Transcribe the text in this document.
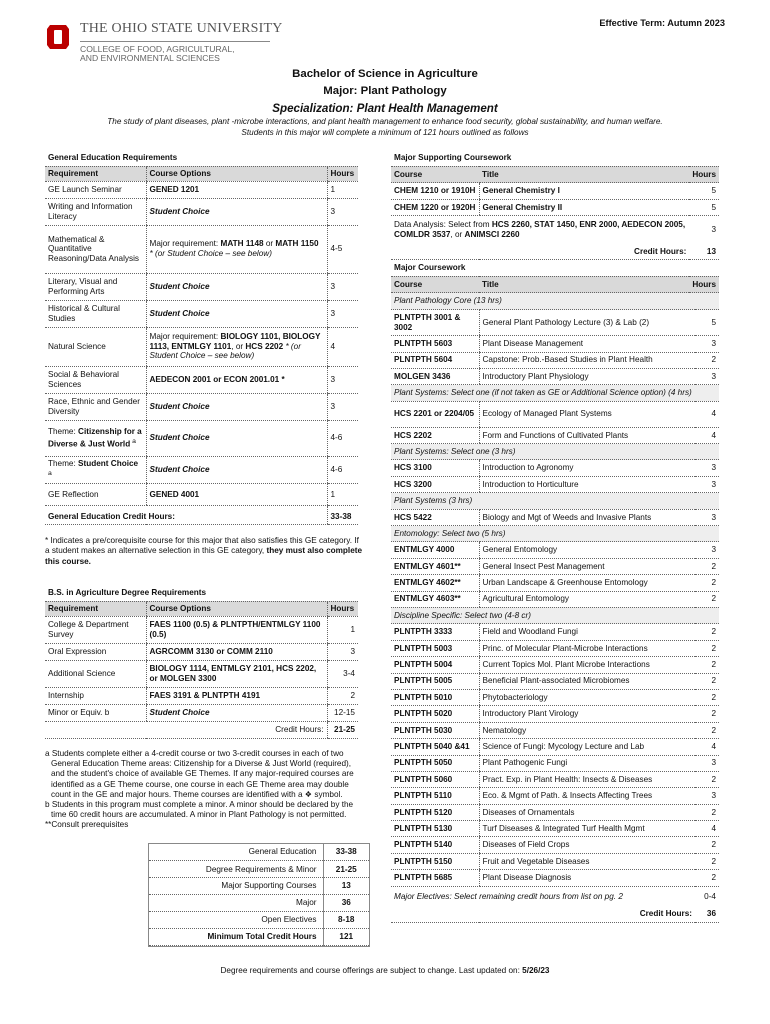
THE OHIO STATE UNIVERSITY
COLLEGE OF FOOD, AGRICULTURAL,
AND ENVIRONMENTAL SCIENCES
Effective Term: Autumn 2023
Bachelor of Science in Agriculture
Major: Plant Pathology
Specialization: Plant Health Management
The study of plant diseases, plant -microbe interactions, and plant health management to enhance food security, global sustainability, and human welfare.
Students in this major will complete a minimum of 121 hours outlined as follows
General Education Requirements		
Requirement	Course Options	Hours
GE Launch Seminar	GENED 1201	1
Writing and Information Literacy	Student Choice	3
Mathematical & Quantitative Reasoning/Data Analysis	Major requirement: MATH 1148 or MATH 1150 * (or Student Choice – see below)	4-5
Literary, Visual and Performing Arts	Student Choice	3
Historical & Cultural Studies	Student Choice	3
Natural Science	Major requirement: BIOLOGY 1101, BIOLOGY 1113, ENTMLGY 1101, or HCS 2202 * (or Student Choice – see below)	4
Social & Behavioral Sciences	AEDECON 2001 or ECON 2001.01 *	3
Race, Ethnic and Gender Diversity	Student Choice	3
Theme: Citizenship for a Diverse & Just World $^a$	Student Choice	4-6
Theme: Student Choice $^a$	Student Choice	4-6
GE Reflection	GENED 4001	1
General Education Credit Hours:		33-38
* Indicates a pre/corequisite course for this major that also satisfies this GE category. If a student makes an alternative selection in this GE category, they must also complete this course.
B.S. in Agriculture Degree Requirements		
Requirement	Course Options	Hours
College & Department Survey	FAES 1100 (0.5) & PLNTPTH/ENTMLGY 1100 (0.5)	1
Oral Expression	AGRCOMM 3130 or COMM 2110	3
Additional Science	BIOLOGY 1114, ENTMLGY 2101, HCS 2202, or MOLGEN 3300	3-4
Internship	FAES 3191 & PLNTPTH 4191	2
Minor or Equiv. b	Student Choice	12-15
Credit Hours:		21-25
a Students complete either a 4-credit course or two 3-credit courses in each of two General Education Theme areas: Citizenship for a Diverse & Just World (required), and the student's choice of available GE Themes. If any major-required courses are identified as a GE Theme course, one course in each GE Theme area may double count in the GE and major hours. Theme courses are identified with a ❖ symbol.
b Students in this program must complete a minor. A minor should be declared by the time 60 credit hours are accumulated. A minor in Plant Pathology is not permitted.
**Consult prerequisites
General Education	33-38
Degree Requirements & Minor	21-25
Major Supporting Courses	13
Major	36
Open Electives	8-18
Minimum Total Credit Hours	121
Major Supporting Coursework		
Course	Title	Hours
CHEM 1210 or 1910H	General Chemistry I	5
CHEM 1220 or 1920H	General Chemistry II	5
Data Analysis: Select from HCS 2260, STAT 1450, ENR 2000, AEDECON 2005, COMLDR 3537, or ANIMSCI 2260		3
Credit Hours:		13
Major Coursework		
Course	Title	Hours
Plant Pathology Core (13 hrs)		
PLNTPTH 3001 & 3002	General Plant Pathology Lecture (3) & Lab (2)	5
PLNTPTH 5603	Plant Disease Management	3
PLNTPTH 5604	Capstone: Prob.-Based Studies in Plant Health	2
MOLGEN 3436	Introductory Plant Physiology	3
Plant Systems: Select one (if not taken as GE or Additional Science option) (4 hrs)		
HCS 2201 or 2204/05	Ecology of Managed Plant Systems	4
HCS 2202	Form and Functions of Cultivated Plants	4
Plant Systems: Select one (3 hrs)		
HCS 3100	Introduction to Agronomy	3
HCS 3200	Introduction to Horticulture	3
Plant Systems (3 hrs)		
HCS 5422	Biology and Mgt of Weeds and Invasive Plants	3
Entomology: Select two (5 hrs)		
ENTMLGY 4000	General Entomology	3
ENTMLGY 4601**	General Insect Pest Management	2
ENTMLGY 4602**	Urban Landscape & Greenhouse Entomology	2
ENTMLGY 4603**	Agricultural Entomology	2
Discipline Specific: Select two (4-8 cr)		
PLNTPTH 3333	Field and Woodland Fungi	2
PLNTPTH 5003	Princ. of Molecular Plant-Microbe Interactions	2
PLNTPTH 5004	Current Topics Mol. Plant Microbe Interactions	2
PLNTPTH 5005	Beneficial Plant-associated Microbiomes	2
PLNTPTH 5010	Phytobacteriology	2
PLNTPTH 5020	Introductory Plant Virology	2
PLNTPTH 5030	Nematology	2
PLNTPTH 5040 &41	Science of Fungi: Mycology Lecture and Lab	4
PLNTPTH 5050	Plant Pathogenic Fungi	3
PLNTPTH 5060	Pract. Exp. in Plant Health: Insects & Diseases	2
PLNTPTH 5110	Eco. & Mgmt of Path. & Insects Affecting Trees	3
PLNTPTH 5120	Diseases of Ornamentals	2
PLNTPTH 5130	Turf Diseases & Integrated Turf Health Mgmt	4
PLNTPTH 5140	Diseases of Field Crops	2
PLNTPTH 5150	Fruit and Vegetable Diseases	2
PLNTPTH 5685	Plant Disease Diagnosis	2
Major Electives: Select remaining credit hours from list on pg. 2		0-4
Credit Hours:		36
Degree requirements and course offerings are subject to change. Last updated on: 5/26/23
